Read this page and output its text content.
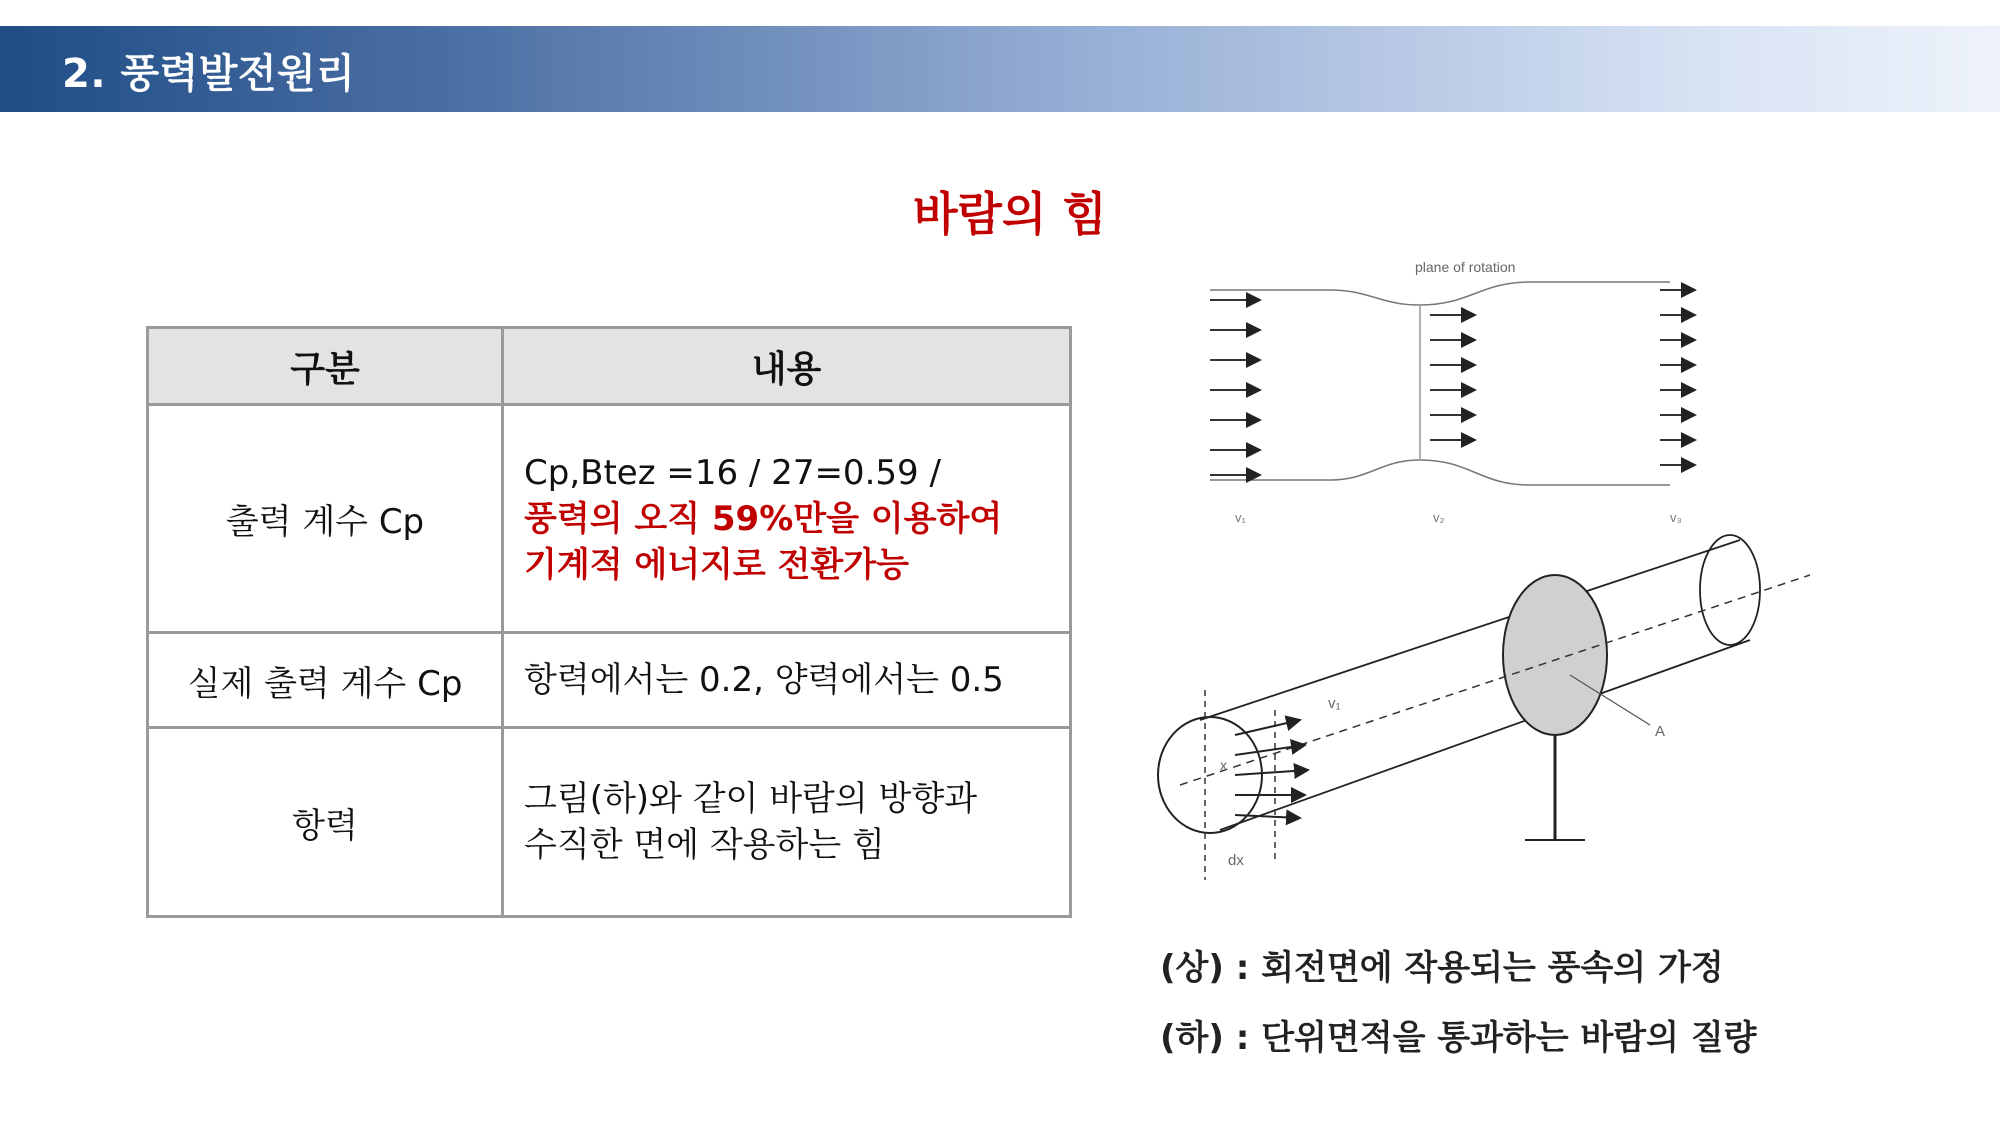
2. 풍력발전원리
바람의 힘
구분	내용
출력 계수 Cp	Cp,Btez =16 / 27=0.59 /
풍력의 오직 59%만을 이용하여
기계적 에너지로 전환가능

실제 출력 계수 Cp	항력에서는 0.2, 양력에서는 0.5
항력	그림(하)와 같이 바람의 방향과
수직한 면에 작용하는 힘
plane of rotation
v₁	v₂	v₃
A
v₁
x
dx
(상) : 회전면에 작용되는 풍속의 가정
(하) : 단위면적을 통과하는 바람의 질량
